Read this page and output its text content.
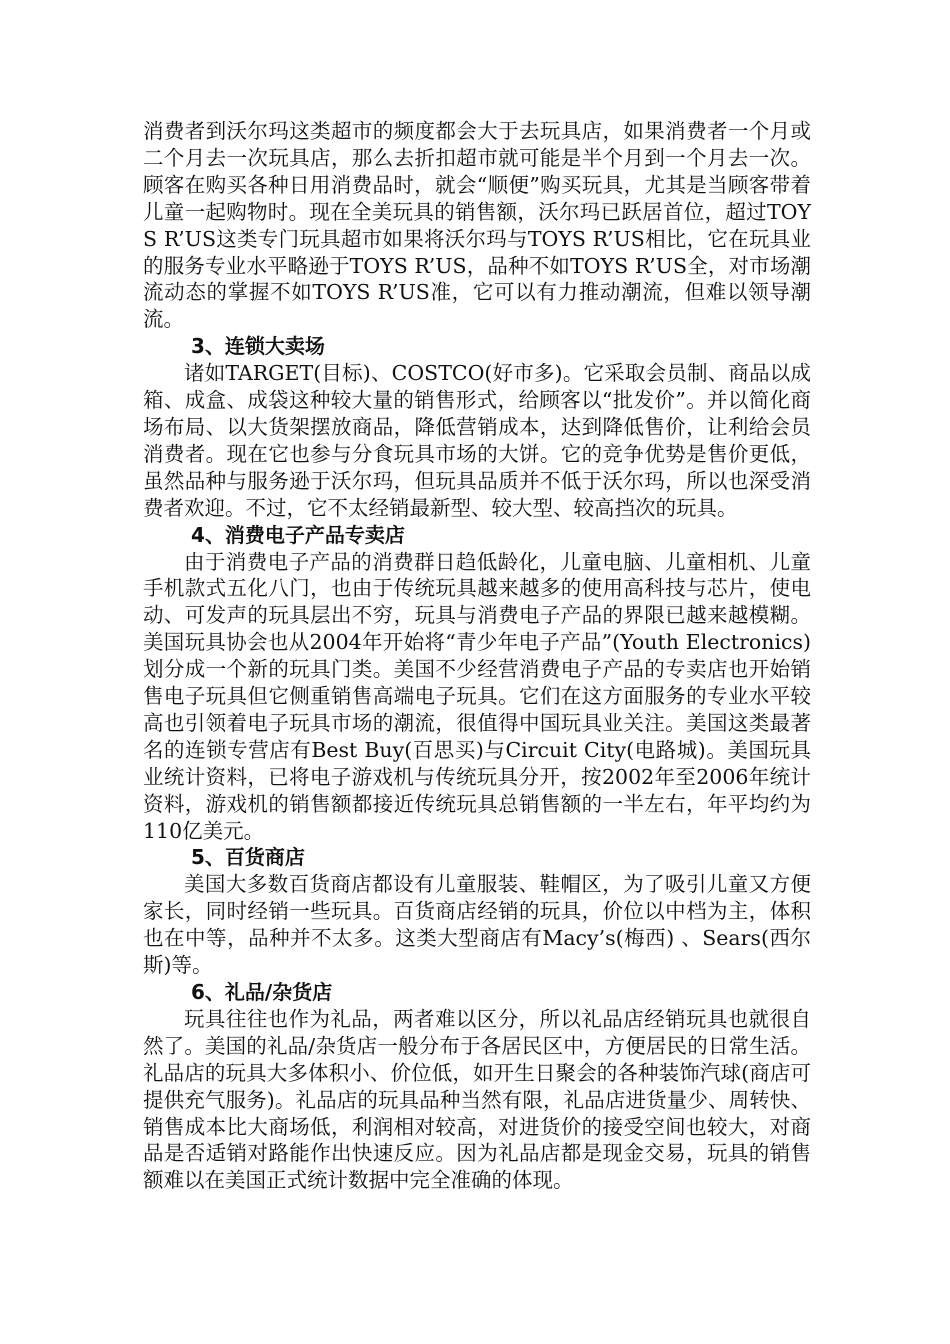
消费者到沃尔玛这类超市的频度都会大于去玩具店，如果消费者一个月或二个月去一次玩具店，那么去折扣超市就可能是半个月到一个月去一次。顾客在购买各种日用消费品时，就会“顺便”购买玩具，尤其是当顾客带着儿童一起购物时。现在全美玩具的销售额，沃尔玛已跃居首位，超过TOYS R’US这类专门玩具超市如果将沃尔玛与TOYS R’US相比，它在玩具业的服务专业水平略逊于TOYS R’US，品种不如TOYS R’US全，对市场潮流动态的掌握不如TOYS R’US准，它可以有力推动潮流，但难以领导潮流。

3、连锁大卖场

诸如TARGET(目标)、COSTCO(好市多)。它采取会员制、商品以成箱、成盒、成袋这种较大量的销售形式，给顾客以“批发价”。并以简化商场布局、以大货架摆放商品，降低营销成本，达到降低售价，让利给会员消费者。现在它也参与分食玩具市场的大饼。它的竞争优势是售价更低，虽然品种与服务逊于沃尔玛，但玩具品质并不低于沃尔玛，所以也深受消费者欢迎。不过，它不太经销最新型、较大型、较高挡次的玩具。

4、消费电子产品专卖店

由于消费电子产品的消费群日趋低龄化，儿童电脑、儿童相机、儿童手机款式五化八门，也由于传统玩具越来越多的使用高科技与芯片，使电动、可发声的玩具层出不穷，玩具与消费电子产品的界限已越来越模糊。美国玩具协会也从2004年开始将“青少年电子产品”(Youth Electronics)划分成一个新的玩具门类。美国不少经营消费电子产品的专卖店也开始销售电子玩具但它侧重销售高端电子玩具。它们在这方面服务的专业水平较高也引领着电子玩具市场的潮流，很值得中国玩具业关注。美国这类最著名的连锁专营店有Best Buy(百思买)与Circuit City(电路城)。美国玩具业统计资料，已将电子游戏机与传统玩具分开，按2002年至2006年统计资料，游戏机的销售额都接近传统玩具总销售额的一半左右，年平均约为110亿美元。

5、百货商店

美国大多数百货商店都设有儿童服装、鞋帽区，为了吸引儿童又方便家长，同时经销一些玩具。百货商店经销的玩具，价位以中档为主，体积也在中等，品种并不太多。这类大型商店有Macy’s(梅西) 、Sears(西尔斯)等。

6、礼品/杂货店

玩具往往也作为礼品，两者难以区分，所以礼品店经销玩具也就很自然了。美国的礼品/杂货店一般分布于各居民区中，方便居民的日常生活。礼品店的玩具大多体积小、价位低，如开生日聚会的各种装饰汽球(商店可提供充气服务)。礼品店的玩具品种当然有限，礼品店进货量少、周转快、销售成本比大商场低，利润相对较高，对进货价的接受空间也较大，对商品是否适销对路能作出快速反应。因为礼品店都是现金交易，玩具的销售额难以在美国正式统计数据中完全准确的体现。
